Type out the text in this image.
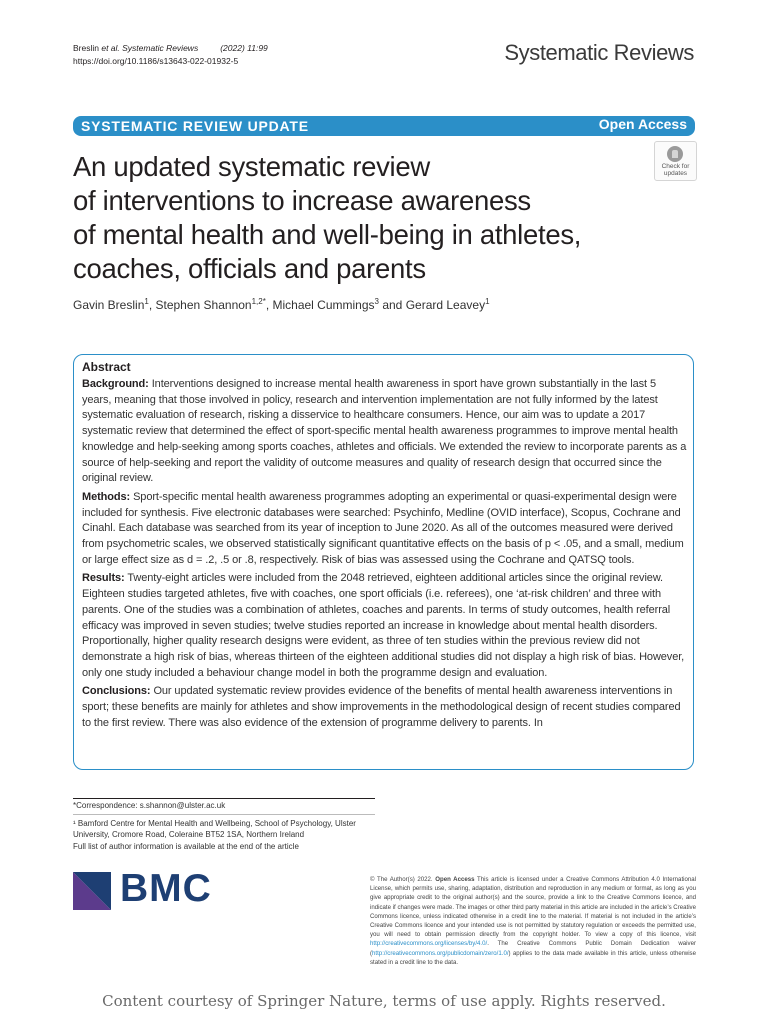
Breslin et al. Systematic Reviews	(2022) 11:99
https://doi.org/10.1186/s13643-022-01932-5	Systematic Reviews
SYSTEMATIC REVIEW UPDATE	Open Access
Check for
updates
An updated systematic review
of interventions to increase awareness
of mental health and well-being in athletes,
coaches, officials and parents
Gavin Breslin$^1$, Stephen Shannon$^{1,2*}$, Michael Cummings$^3$ and Gerard Leavey$^1$
Abstract

Background: Interventions designed to increase mental health awareness in sport have grown substantially in the last 5 years, meaning that those involved in policy, research and intervention implementation are not fully informed by the latest systematic evaluation of research, risking a disservice to healthcare consumers. Hence, our aim was to update a 2017 systematic review that determined the effect of sport-specific mental health awareness programmes to improve mental health knowledge and help-seeking among sports coaches, athletes and officials. We extended the review to incorporate parents as a source of help-seeking and report the validity of outcome measures and quality of research design that occurred since the original review.

Methods: Sport-specific mental health awareness programmes adopting an experimental or quasi-experimental design were included for synthesis. Five electronic databases were searched: Psychinfo, Medline (OVID interface), Scopus, Cochrane and Cinahl. Each database was searched from its year of inception to June 2020. As all of the outcomes measured were derived from psychometric scales, we observed statistically significant quantitative effects on the basis of p < .05, and a small, medium or large effect size as d = .2, .5 or .8, respectively. Risk of bias was assessed using the Cochrane and QATSQ tools.

Results: Twenty-eight articles were included from the 2048 retrieved, eighteen additional articles since the original review. Eighteen studies targeted athletes, five with coaches, one sport officials (i.e. referees), one ‘at-risk children’ and three with parents. One of the studies was a combination of athletes, coaches and parents. In terms of study outcomes, health referral efficacy was improved in seven studies; twelve studies reported an increase in knowledge about mental health disorders. Proportionally, higher quality research designs were evident, as three of ten studies within the previous review did not demonstrate a high risk of bias, whereas thirteen of the eighteen additional studies did not display a high risk of bias. However, only one study included a behaviour change model in both the programme design and evaluation.

Conclusions: Our updated systematic review provides evidence of the benefits of mental health awareness interventions in sport; these benefits are mainly for athletes and show improvements in the methodological design of recent studies compared to the first review. There was also evidence of the extension of programme delivery to parents. In

*Correspondence: s.shannon@ulster.ac.uk
¹ Bamford Centre for Mental Health and Wellbeing, School of Psychology, Ulster University, Cromore Road, Coleraine BT52 1SA, Northern Ireland
Full list of author information is available at the end of the article
BMC	© The Author(s) 2022. Open Access This article is licensed under a Creative Commons Attribution 4.0 International License, which permits use, sharing, adaptation, distribution and reproduction in any medium or format, as long as you give appropriate credit to the original author(s) and the source, provide a link to the Creative Commons licence, and indicate if changes were made. The images or other third party material in this article are included in the article’s Creative Commons licence, unless indicated otherwise in a credit line to the material. If material is not included in the article’s Creative Commons licence and your intended use is not permitted by statutory regulation or exceeds the permitted use, you will need to obtain permission directly from the copyright holder. To view a copy of this licence, visit http://creativecommons.org/licenses/by/4.0/. The Creative Commons Public Domain Dedication waiver (http://creativecommons.org/publicdomain/zero/1.0/) applies to the data made available in this article, unless otherwise stated in a credit line to the data.
Content courtesy of Springer Nature, terms of use apply. Rights reserved.
